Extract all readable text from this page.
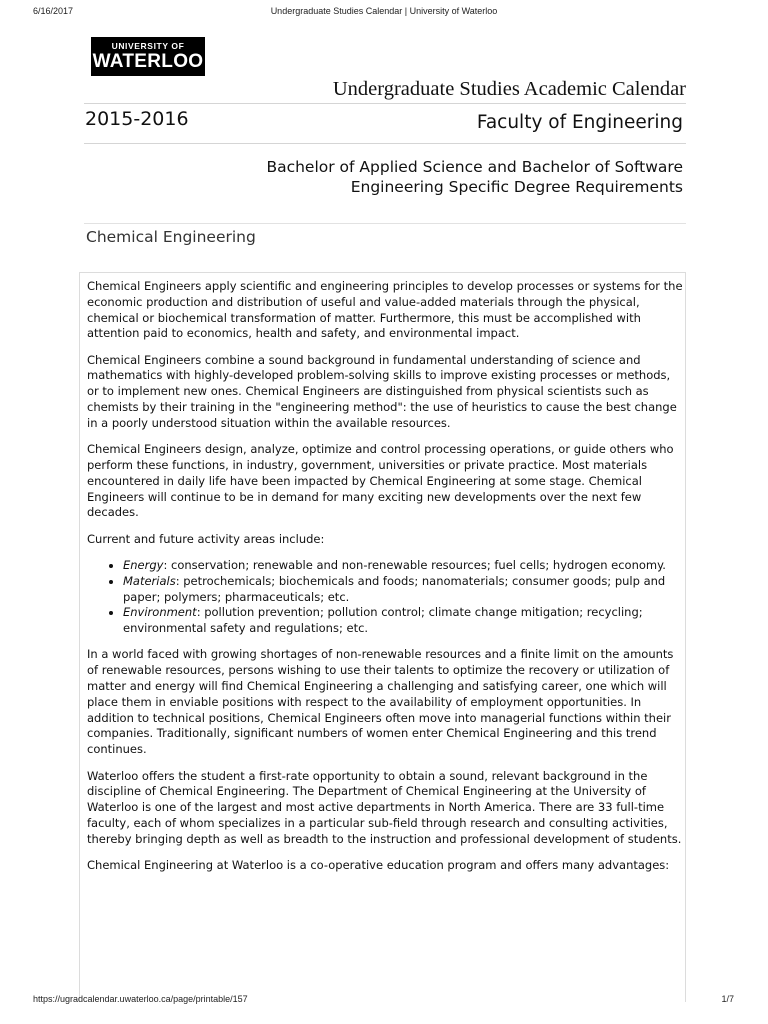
6/16/2017	Undergraduate Studies Calendar | University of Waterloo
UNIVERSITY OF
WATERLOO
Undergraduate Studies Academic Calendar
2015-2016	Faculty of Engineering
Bachelor of Applied Science and Bachelor of Software Engineering Specific Degree Requirements
Chemical Engineering

Chemical Engineers apply scientific and engineering principles to develop processes or systems for the economic production and distribution of useful and value-added materials through the physical, chemical or biochemical transformation of matter. Furthermore, this must be accomplished with attention paid to economics, health and safety, and environmental impact.

Chemical Engineers combine a sound background in fundamental understanding of science and mathematics with highly-developed problem-solving skills to improve existing processes or methods, or to implement new ones. Chemical Engineers are distinguished from physical scientists such as chemists by their training in the "engineering method": the use of heuristics to cause the best change in a poorly understood situation within the available resources.

Chemical Engineers design, analyze, optimize and control processing operations, or guide others who perform these functions, in industry, government, universities or private practice. Most materials encountered in daily life have been impacted by Chemical Engineering at some stage. Chemical Engineers will continue to be in demand for many exciting new developments over the next few decades.

Current and future activity areas include:

• Energy: conservation; renewable and non-renewable resources; fuel cells; hydrogen economy.
• Materials: petrochemicals; biochemicals and foods; nanomaterials; consumer goods; pulp and paper; polymers; pharmaceuticals; etc.
• Environment: pollution prevention; pollution control; climate change mitigation; recycling; environmental safety and regulations; etc.

In a world faced with growing shortages of non-renewable resources and a finite limit on the amounts of renewable resources, persons wishing to use their talents to optimize the recovery or utilization of matter and energy will find Chemical Engineering a challenging and satisfying career, one which will place them in enviable positions with respect to the availability of employment opportunities. In addition to technical positions, Chemical Engineers often move into managerial functions within their companies. Traditionally, significant numbers of women enter Chemical Engineering and this trend continues.

Waterloo offers the student a first-rate opportunity to obtain a sound, relevant background in the discipline of Chemical Engineering. The Department of Chemical Engineering at the University of Waterloo is one of the largest and most active departments in North America. There are 33 full-time faculty, each of whom specializes in a particular sub-field through research and consulting activities, thereby bringing depth as well as breadth to the instruction and professional development of students.

Chemical Engineering at Waterloo is a co-operative education program and offers many advantages:

https://ugradcalendar.uwaterloo.ca/page/printable/157	1/7
